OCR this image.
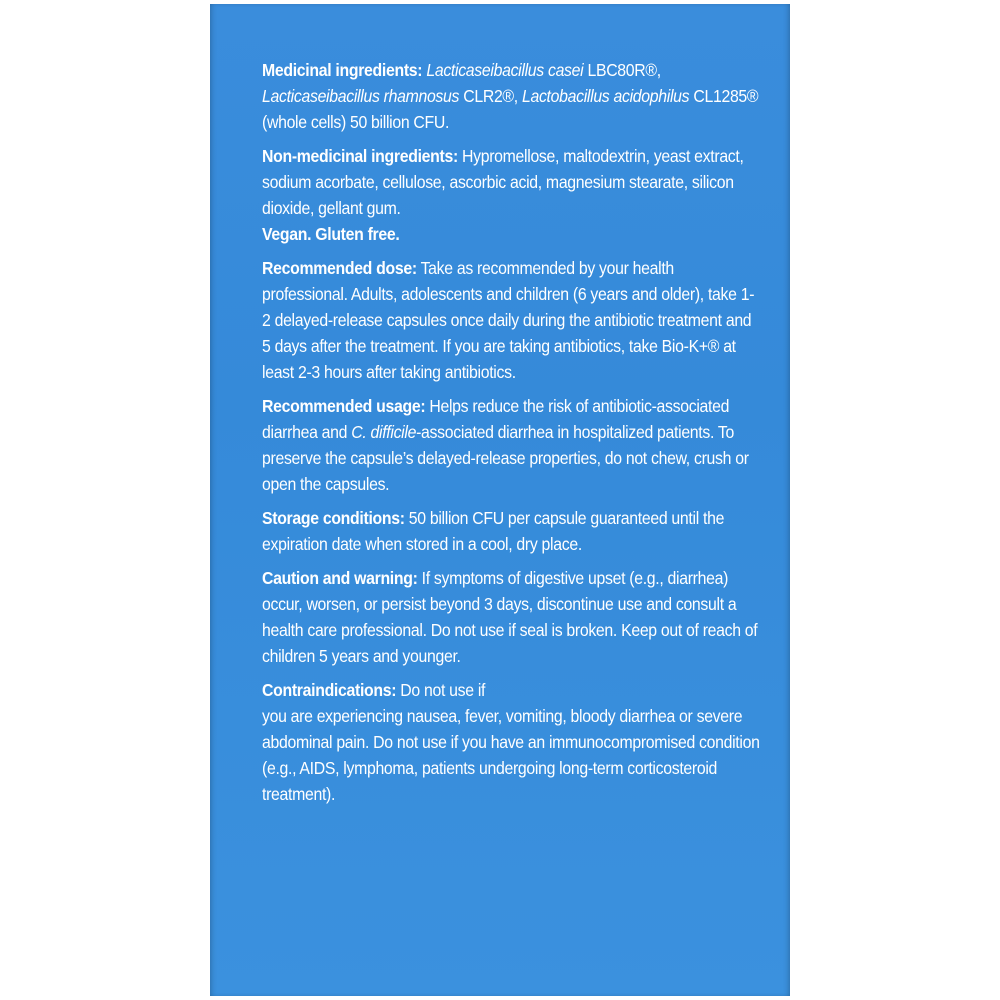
Medicinal ingredients: Lacticaseibacillus casei LBC80R®, Lacticaseibacillus rhamnosus CLR2®, Lactobacillus acidophilus CL1285® (whole cells) 50 billion CFU.

Non-medicinal ingredients: Hypromellose, maltodextrin, yeast extract, sodium acorbate, cellulose, ascorbic acid, magnesium stearate, silicon dioxide, gellant gum.

Vegan. Gluten free.

Recommended dose: Take as recommended by your health professional. Adults, adolescents and children (6 years and older), take 1-2 delayed-release capsules once daily during the antibiotic treatment and 5 days after the treatment. If you are taking antibiotics, take Bio-K+® at least 2-3 hours after taking antibiotics.

Recommended usage: Helps reduce the risk of antibiotic-associated diarrhea and C. difficile-associated diarrhea in hospitalized patients. To preserve the capsule’s delayed-release properties, do not chew, crush or open the capsules.

Storage conditions: 50 billion CFU per capsule guaranteed until the expiration date when stored in a cool, dry place.

Caution and warning: If symptoms of digestive upset (e.g., diarrhea) occur, worsen, or persist beyond 3 days, discontinue use and consult a health care professional. Do not use if seal is broken. Keep out of reach of children 5 years and younger.

Contraindications: Do not use if

you are experiencing nausea, fever, vomiting, bloody diarrhea or severe abdominal pain. Do not use if you have an immunocompromised condition (e.g., AIDS, lymphoma, patients undergoing long-term corticosteroid treatment).
